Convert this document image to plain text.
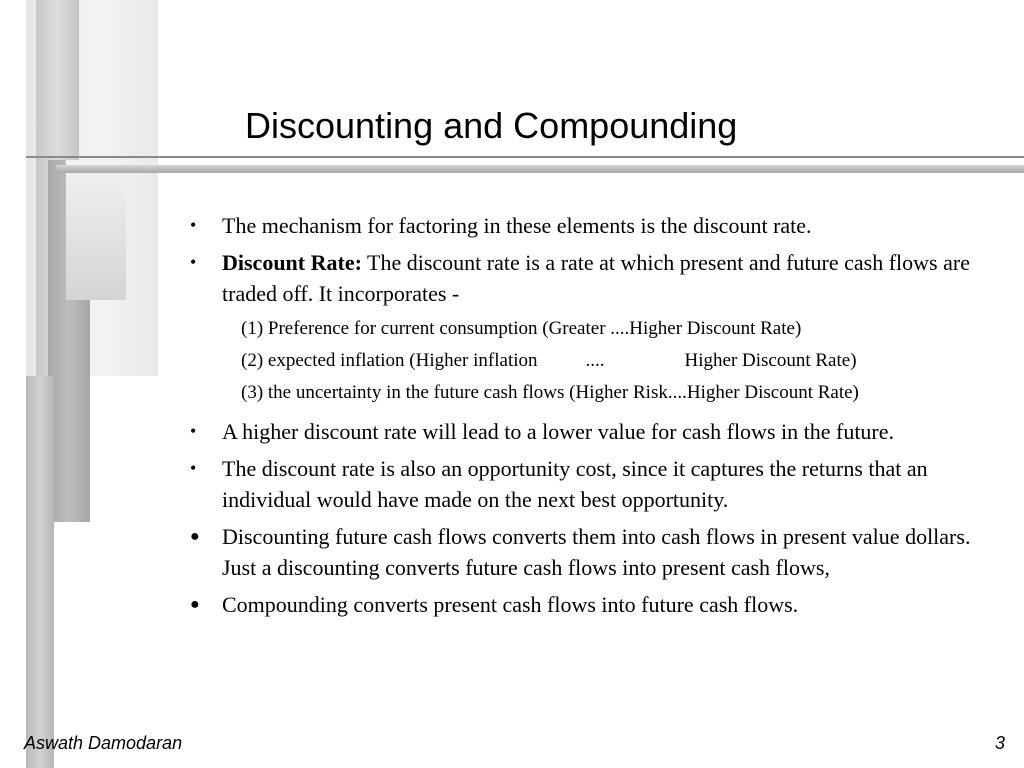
Discounting and Compounding
• The mechanism for factoring in these elements is the discount rate.
• Discount Rate: The discount rate is a rate at which present and future cash flows are traded off. It incorporates -
(1) Preference for current consumption (Greater ....Higher Discount Rate)
(2) expected inflation (Higher inflation	....	Higher Discount Rate)
(3) the uncertainty in the future cash flows (Higher Risk....Higher Discount Rate)
• A higher discount rate will lead to a lower value for cash flows in the future.
• The discount rate is also an opportunity cost, since it captures the returns that an individual would have made on the next best opportunity.
● Discounting future cash flows converts them into cash flows in present value dollars. Just a discounting converts future cash flows into present cash flows,
● Compounding converts present cash flows into future cash flows.
Aswath Damodaran	3
